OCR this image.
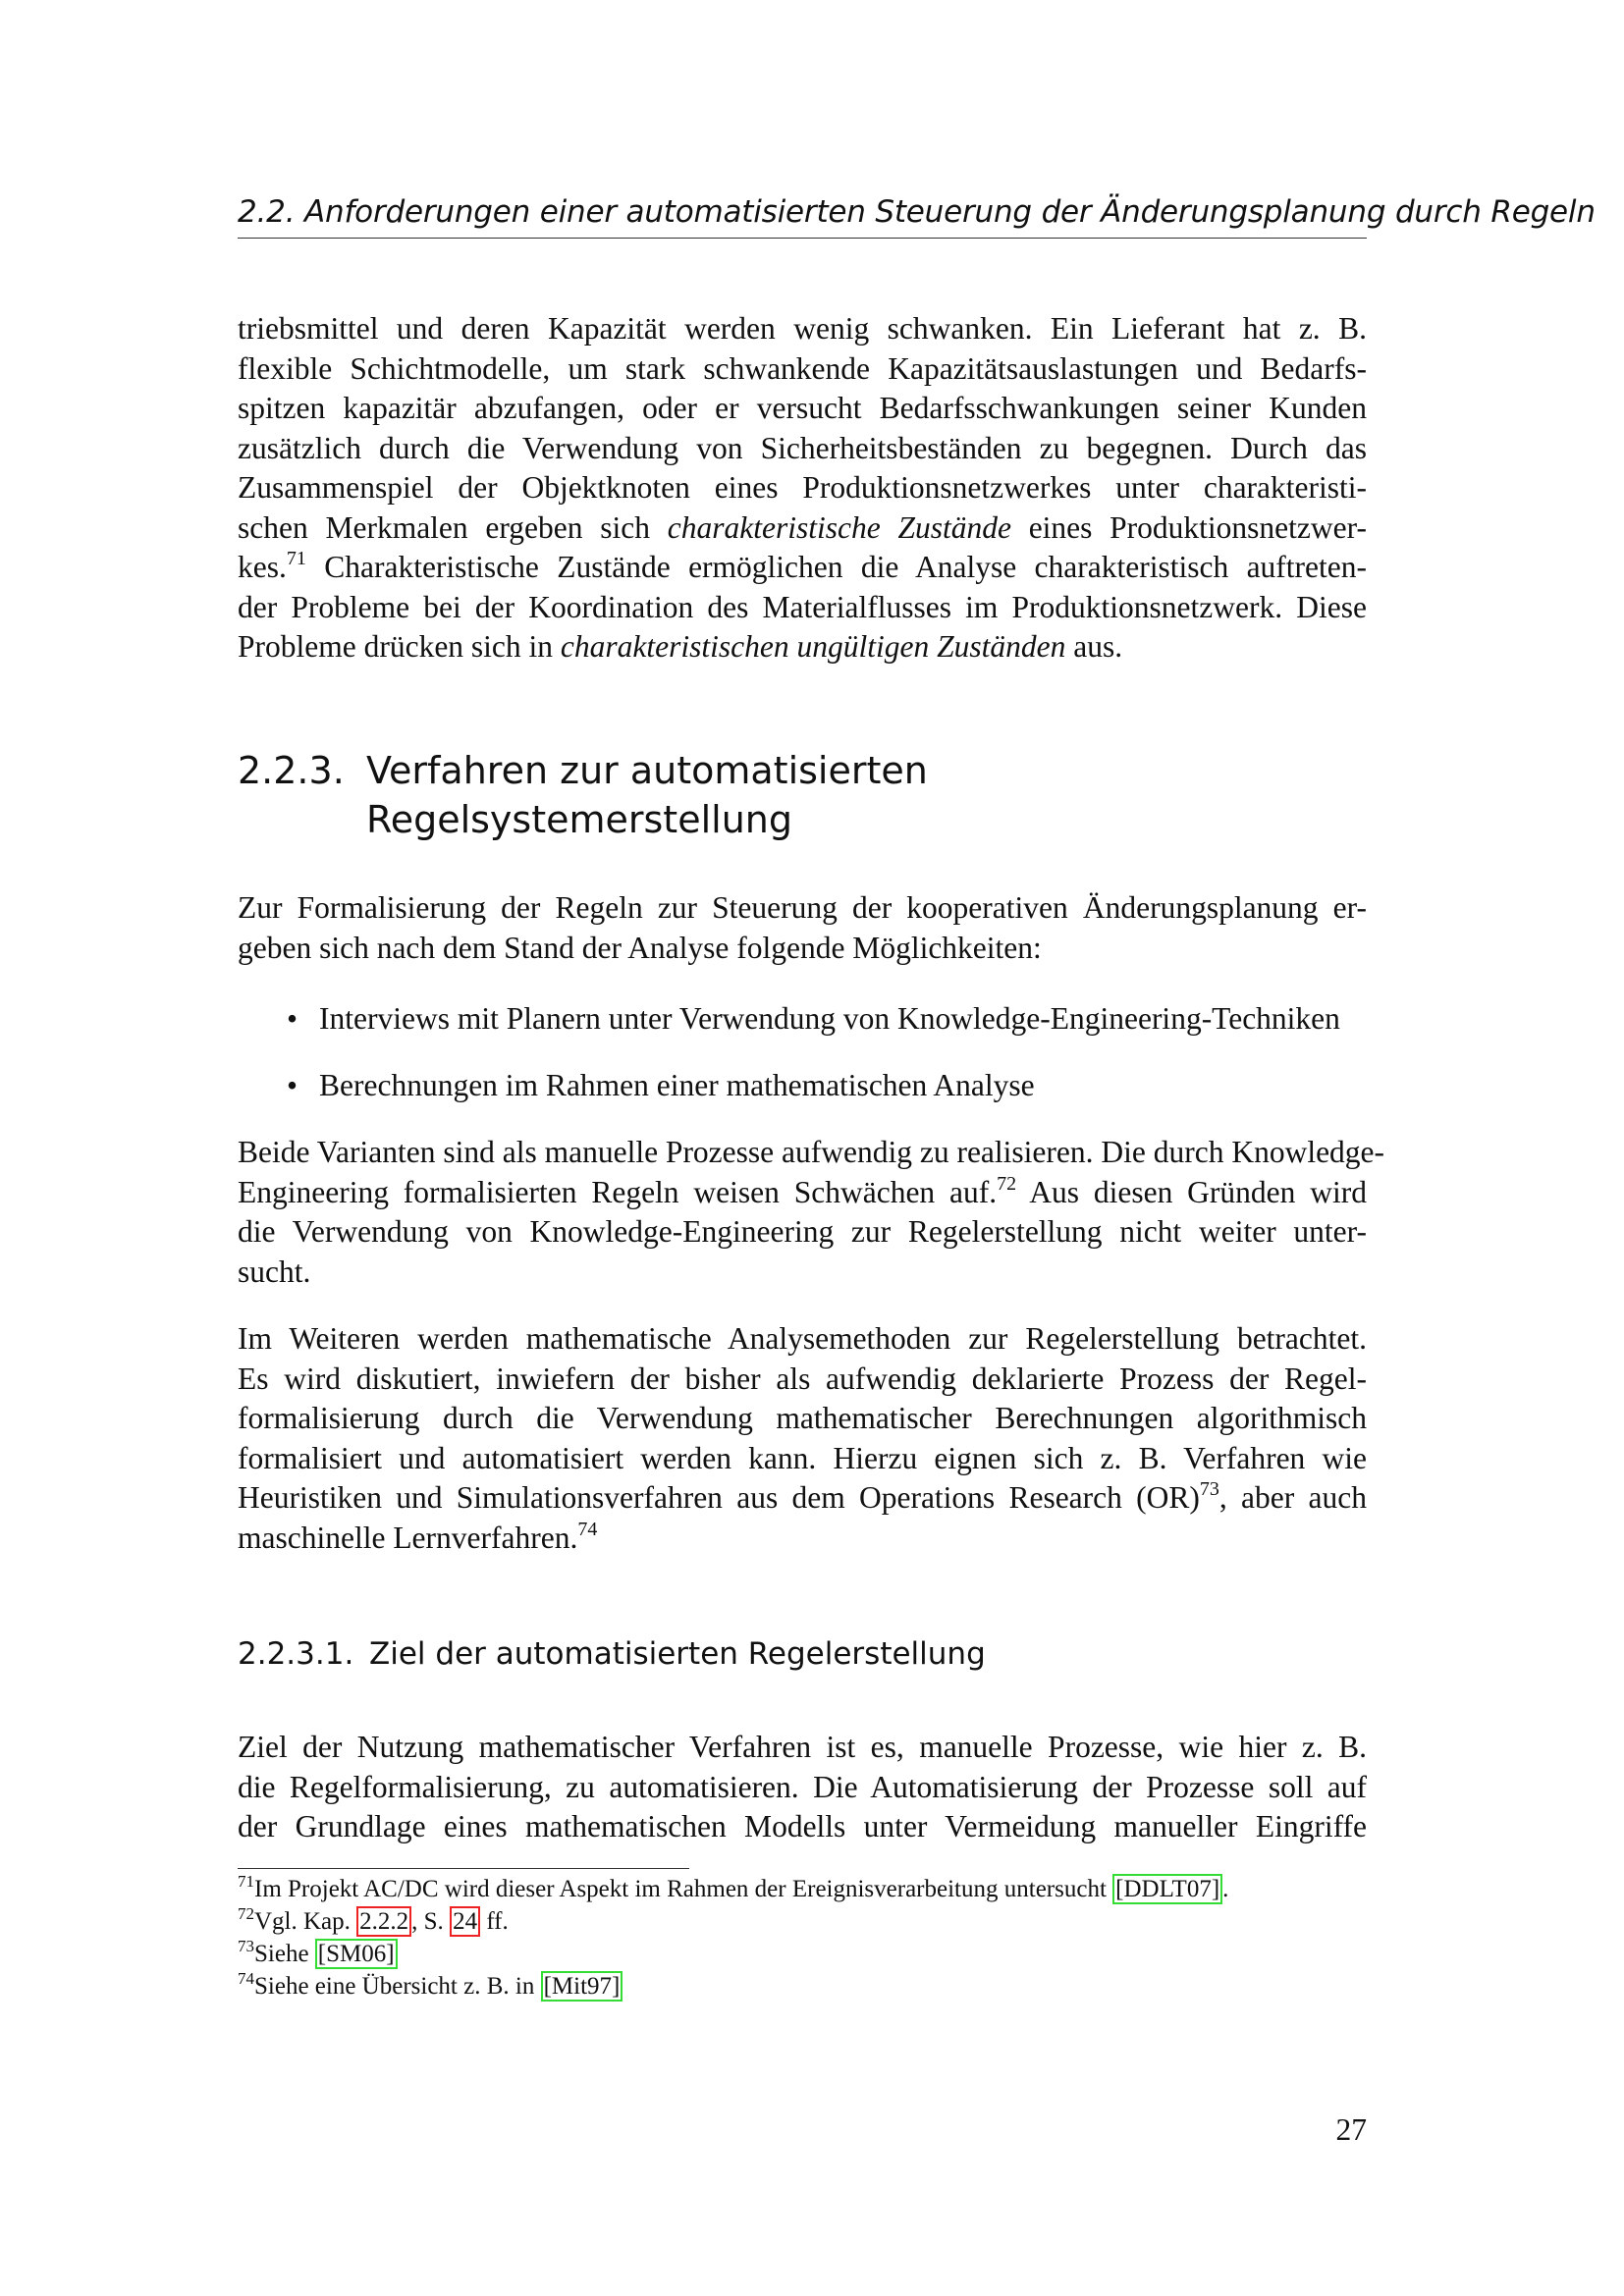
2.2. Anforderungen einer automatisierten Steuerung der Änderungsplanung durch Regeln
triebsmittel und deren Kapazität werden wenig schwanken. Ein Lieferant hat z. B.
flexible Schichtmodelle, um stark schwankende Kapazitätsauslastungen und Bedarfs-
spitzen kapazitär abzufangen, oder er versucht Bedarfsschwankungen seiner Kunden
zusätzlich durch die Verwendung von Sicherheitsbeständen zu begegnen. Durch das
Zusammenspiel der Objektknoten eines Produktionsnetzwerkes unter charakteristi-
schen Merkmalen ergeben sich charakteristische Zustände eines Produktionsnetzwer-
kes.$^{71}$ Charakteristische Zustände ermöglichen die Analyse charakteristisch auftreten-
der Probleme bei der Koordination des Materialflusses im Produktionsnetzwerk. Diese
Probleme drücken sich in charakteristischen ungültigen Zuständen aus.
2.2.3. Verfahren zur automatisierten
Regelsystemerstellung
Zur Formalisierung der Regeln zur Steuerung der kooperativen Änderungsplanung er-
geben sich nach dem Stand der Analyse folgende Möglichkeiten:
• Interviews mit Planern unter Verwendung von Knowledge-Engineering-Techniken
• Berechnungen im Rahmen einer mathematischen Analyse
Beide Varianten sind als manuelle Prozesse aufwendig zu realisieren. Die durch Knowledge-
Engineering formalisierten Regeln weisen Schwächen auf.$^{72}$ Aus diesen Gründen wird
die Verwendung von Knowledge-Engineering zur Regelerstellung nicht weiter unter-
sucht.
Im Weiteren werden mathematische Analysemethoden zur Regelerstellung betrachtet.
Es wird diskutiert, inwiefern der bisher als aufwendig deklarierte Prozess der Regel-
formalisierung durch die Verwendung mathematischer Berechnungen algorithmisch
formalisiert und automatisiert werden kann. Hierzu eignen sich z. B. Verfahren wie
Heuristiken und Simulationsverfahren aus dem Operations Research (OR)$^{73}$, aber auch
maschinelle Lernverfahren.$^{74}$
2.2.3.1. Ziel der automatisierten Regelerstellung
Ziel der Nutzung mathematischer Verfahren ist es, manuelle Prozesse, wie hier z. B.
die Regelformalisierung, zu automatisieren. Die Automatisierung der Prozesse soll auf
der Grundlage eines mathematischen Modells unter Vermeidung manueller Eingriffe
$^{71}$Im Projekt AC/DC wird dieser Aspekt im Rahmen der Ereignisverarbeitung untersucht [DDLT07] .
$^{72}$Vgl. Kap. 2.2.2 , S. 24 ff.
$^{73}$Siehe [SM06]
$^{74}$Siehe eine Übersicht z. B. in [Mit97]
27
